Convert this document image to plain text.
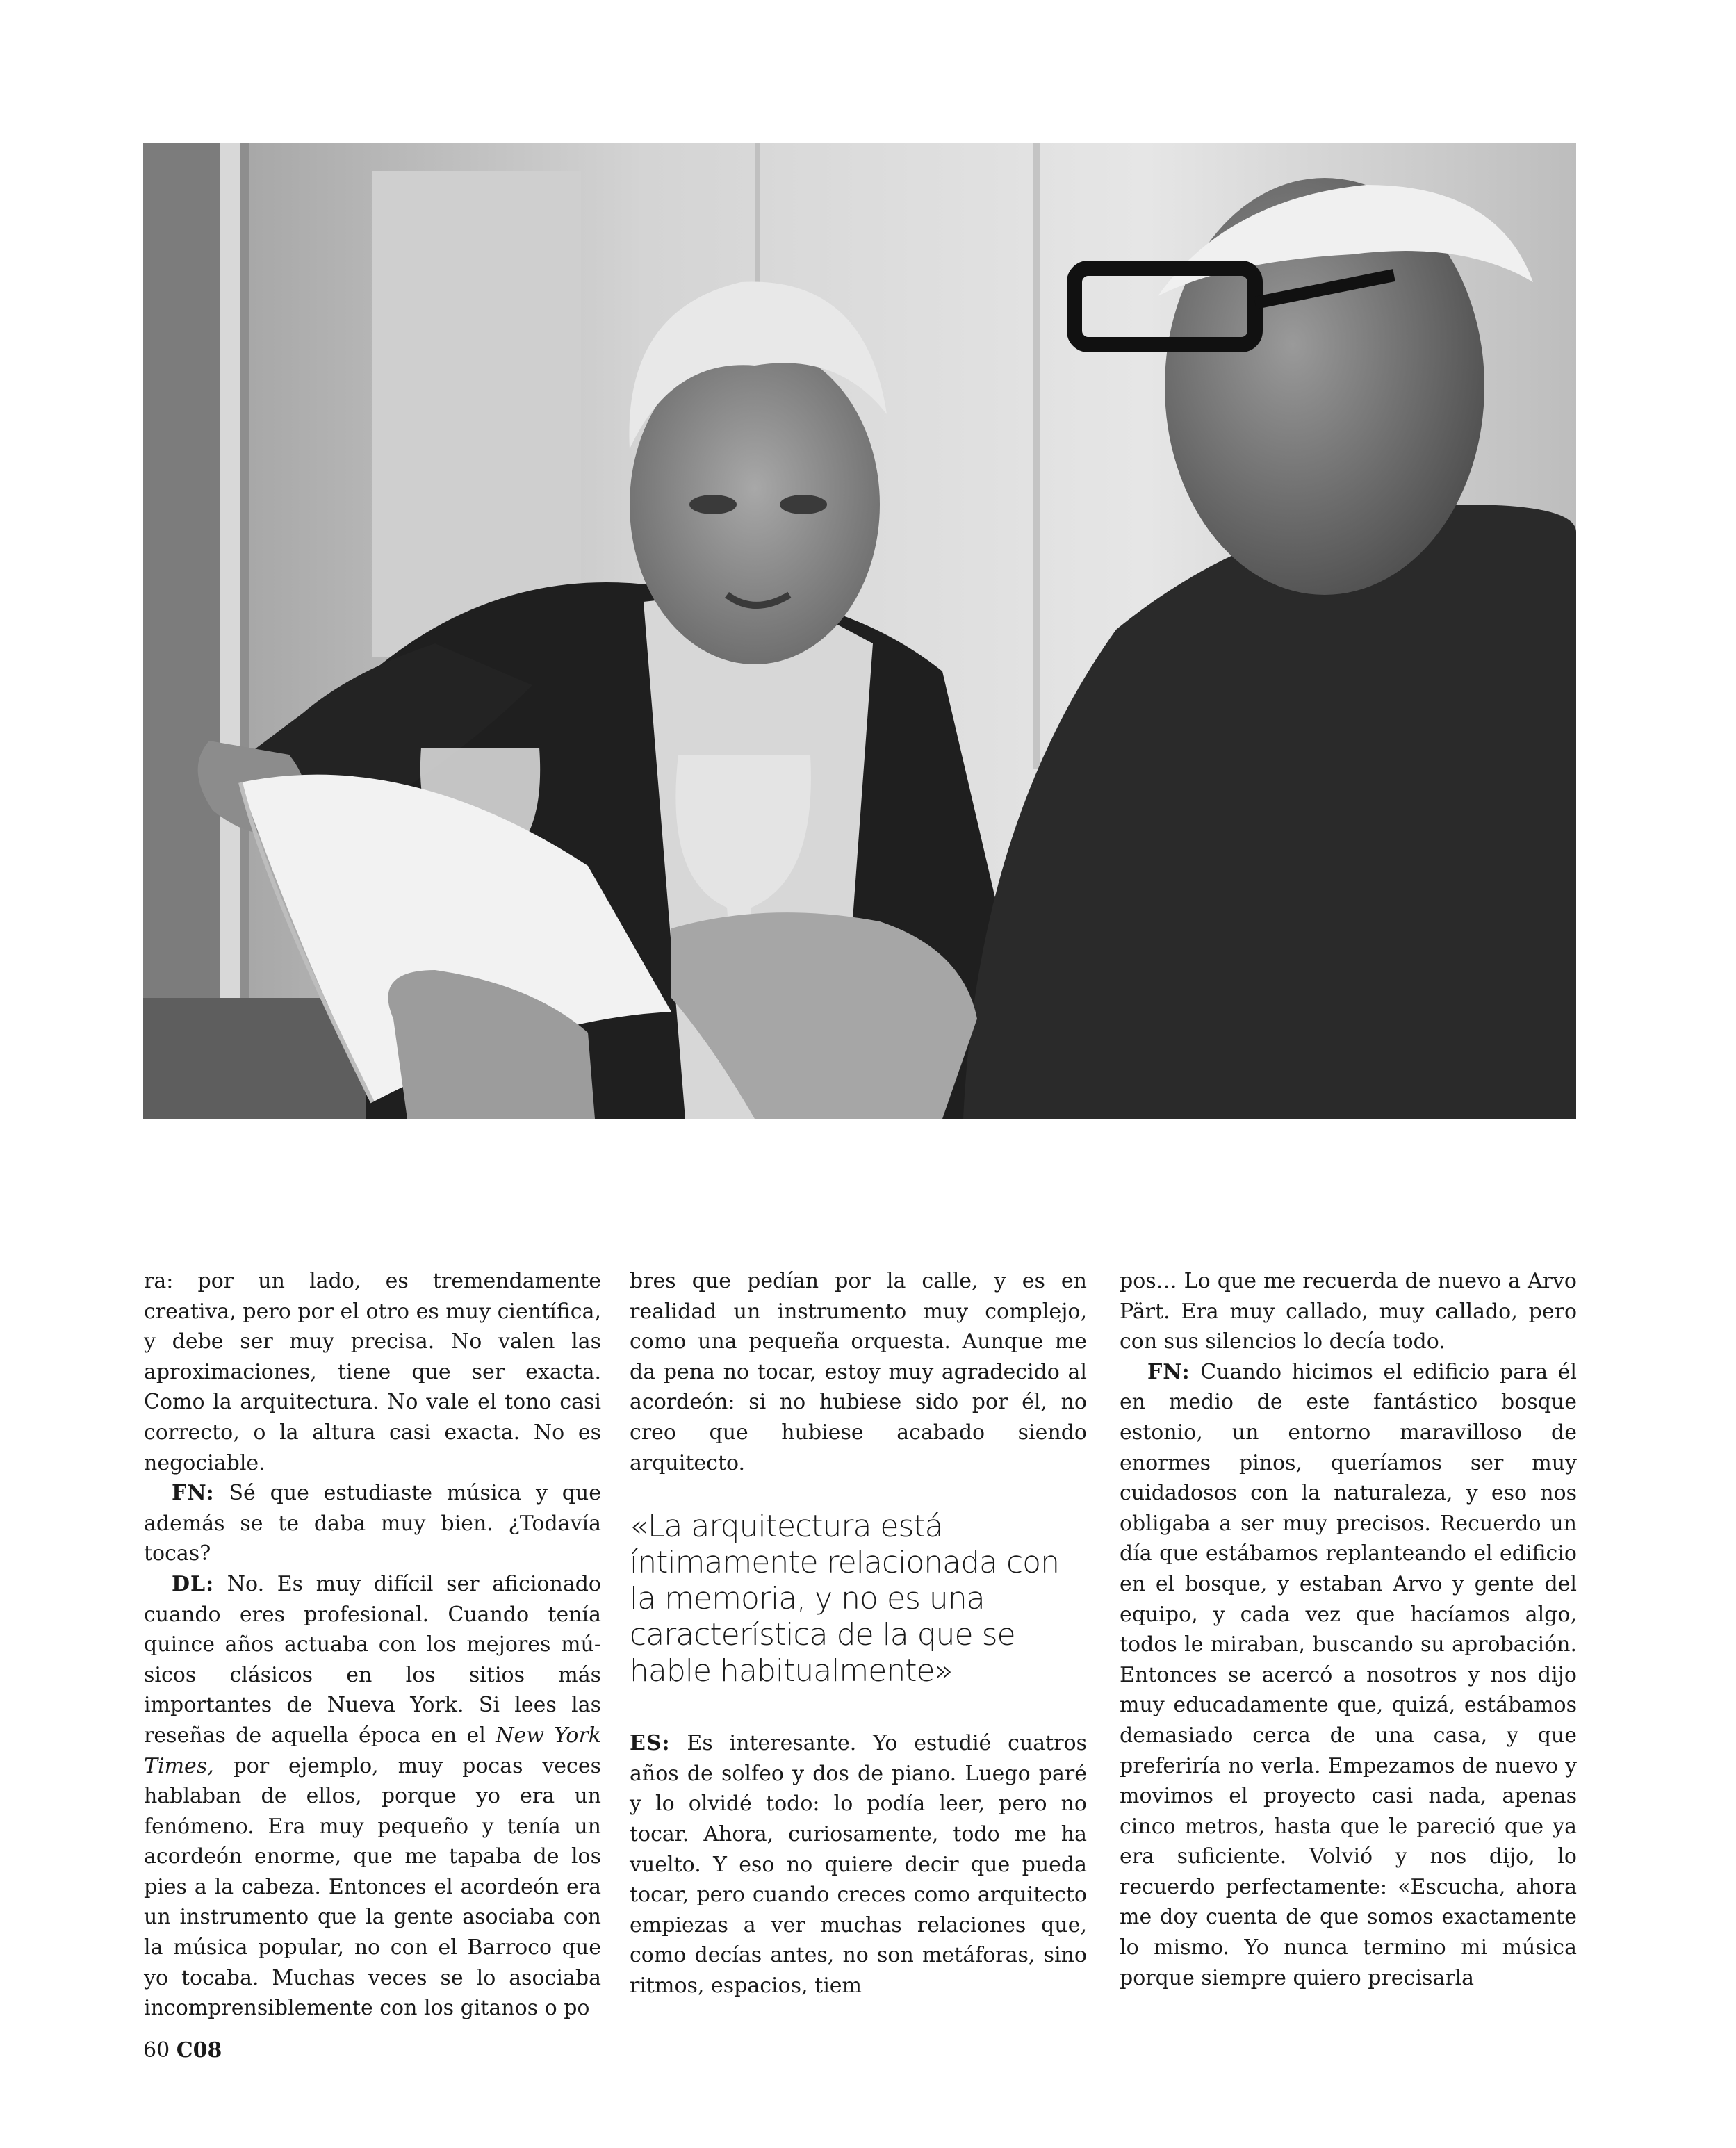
ra: por un lado, es tremendamente creativa, pero por el otro es muy científica, y debe ser muy precisa. No valen las aproximaciones, tiene que ser exacta. Como la arquitectura. No vale el tono casi correcto, o la altura casi exacta. No es negociable.

FN: Sé que estudiaste música y que además se te daba muy bien. ¿Todavía tocas?

DL: No. Es muy difícil ser aficionado cuando eres profesional. Cuando tenía quince años actuaba con los mejores músicos clásicos en los sitios más importantes de Nueva York. Si lees las reseñas de aquella época en el New York Times, por ejemplo, muy pocas veces hablaban de ellos, porque yo era un fenómeno. Era muy pequeño y tenía un acordeón enorme, que me tapaba de los pies a la cabeza. Entonces el acordeón era un instrumento que la gente asociaba con la música popular, no con el Barroco que yo tocaba. Muchas veces se lo asociaba incomprensiblemente con los gitanos o po

bres que pedían por la calle, y es en realidad un instrumento muy complejo, como una pequeña orquesta. Aunque me da pena no tocar, estoy muy agradecido al acordeón: si no hubiese sido por él, no creo que hubiese acabado siendo arquitecto.

«La arquitectura está íntimamente relacionada con la memoria, y no es una característica de la que se hable habitualmente»

ES: Es interesante. Yo estudié cuatros años de solfeo y dos de piano. Luego paré y lo olvidé todo: lo podía leer, pero no tocar. Ahora, curiosamente, todo me ha vuelto. Y eso no quiere decir que pueda tocar, pero cuando creces como arquitecto empiezas a ver muchas relaciones que, como decías antes, no son metáforas, sino ritmos, espacios, tiem

pos… Lo que me recuerda de nuevo a Arvo Pärt. Era muy callado, muy callado, pero con sus silencios lo decía todo.

FN: Cuando hicimos el edificio para él en medio de este fantástico bosque estonio, un entorno maravilloso de enormes pinos, queríamos ser muy cuidadosos con la naturaleza, y eso nos obligaba a ser muy precisos. Recuerdo un día que estábamos replanteando el edificio en el bosque, y estaban Arvo y gente del equipo, y cada vez que hacíamos algo, todos le miraban, buscando su aprobación. Entonces se acercó a nosotros y nos dijo muy educadamente que, quizá, estábamos demasiado cerca de una casa, y que preferiría no verla. Empezamos de nuevo y movimos el proyecto casi nada, apenas cinco metros, hasta que le pareció que ya era suficiente. Volvió y nos dijo, lo recuerdo perfectamente: «Escucha, ahora me doy cuenta de que somos exactamente lo mismo. Yo nunca termino mi música porque siempre quiero precisarla

60 C08
